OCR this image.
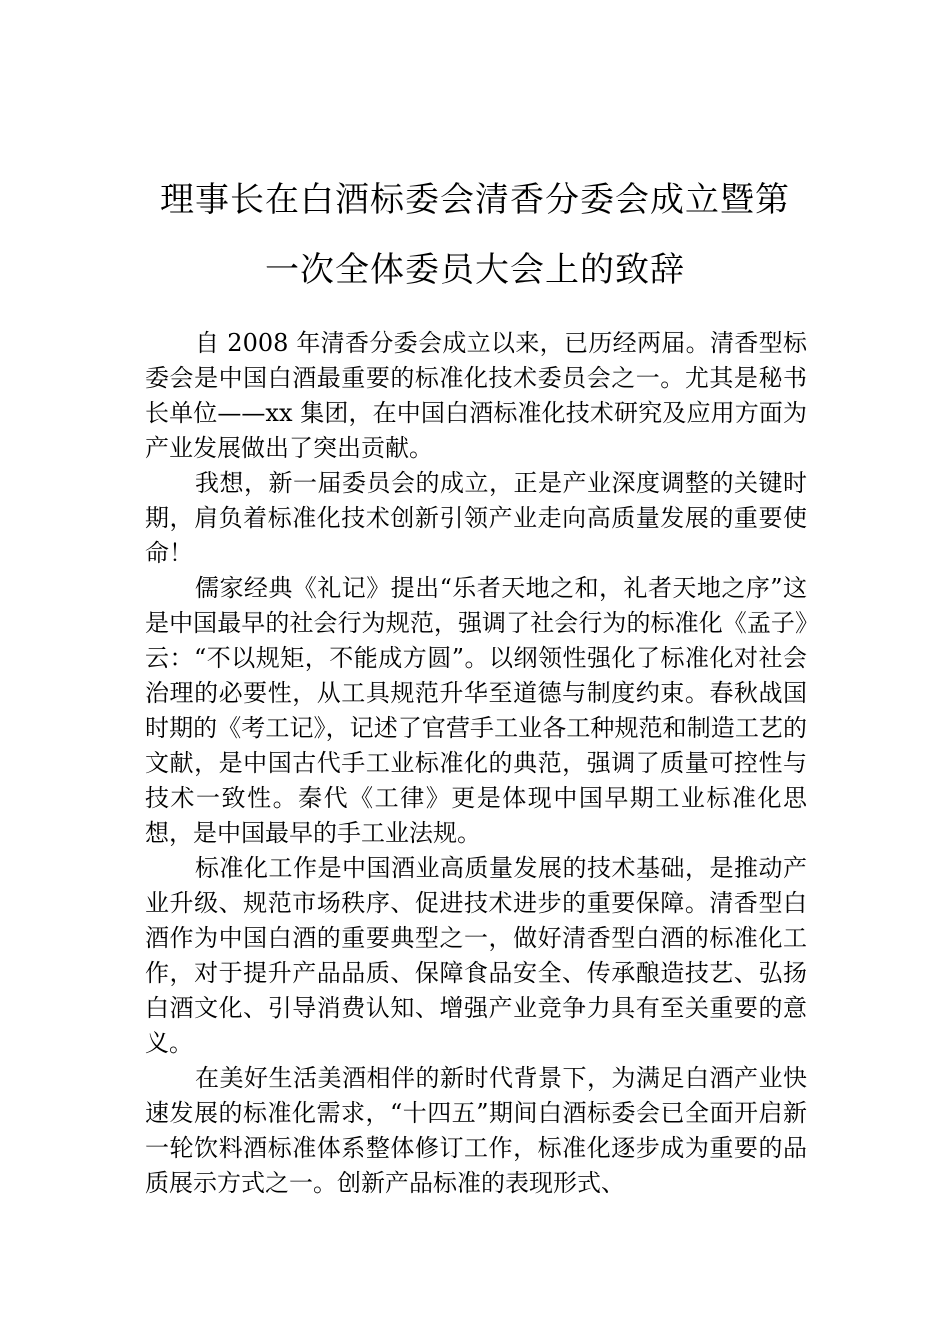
理事长在白酒标委会清香分委会成立暨第
一次全体委员大会上的致辞

自 2008 年清香分委会成立以来，已历经两届。清香型标委会是中国白酒最重要的标准化技术委员会之一。尤其是秘书长单位——xx 集团，在中国白酒标准化技术研究及应用方面为产业发展做出了突出贡献。

我想，新一届委员会的成立，正是产业深度调整的关键时期，肩负着标准化技术创新引领产业走向高质量发展的重要使命！

儒家经典《礼记》提出“乐者天地之和，礼者天地之序”这是中国最早的社会行为规范，强调了社会行为的标准化《孟子》云：“不以规矩，不能成方圆”。以纲领性强化了标准化对社会治理的必要性，从工具规范升华至道德与制度约束。春秋战国时期的《考工记》，记述了官营手工业各工种规范和制造工艺的文献，是中国古代手工业标准化的典范，强调了质量可控性与技术一致性。秦代《工律》更是体现中国早期工业标准化思想，是中国最早的手工业法规。

标准化工作是中国酒业高质量发展的技术基础，是推动产业升级、规范市场秩序、促进技术进步的重要保障。清香型白酒作为中国白酒的重要典型之一，做好清香型白酒的标准化工作，对于提升产品品质、保障食品安全、传承酿造技艺、弘扬白酒文化、引导消费认知、增强产业竞争力具有至关重要的意义。

在美好生活美酒相伴的新时代背景下，为满足白酒产业快速发展的标准化需求，“十四五”期间白酒标委会已全面开启新一轮饮料酒标准体系整体修订工作，标准化逐步成为重要的品质展示方式之一。创新产品标准的表现形式、
